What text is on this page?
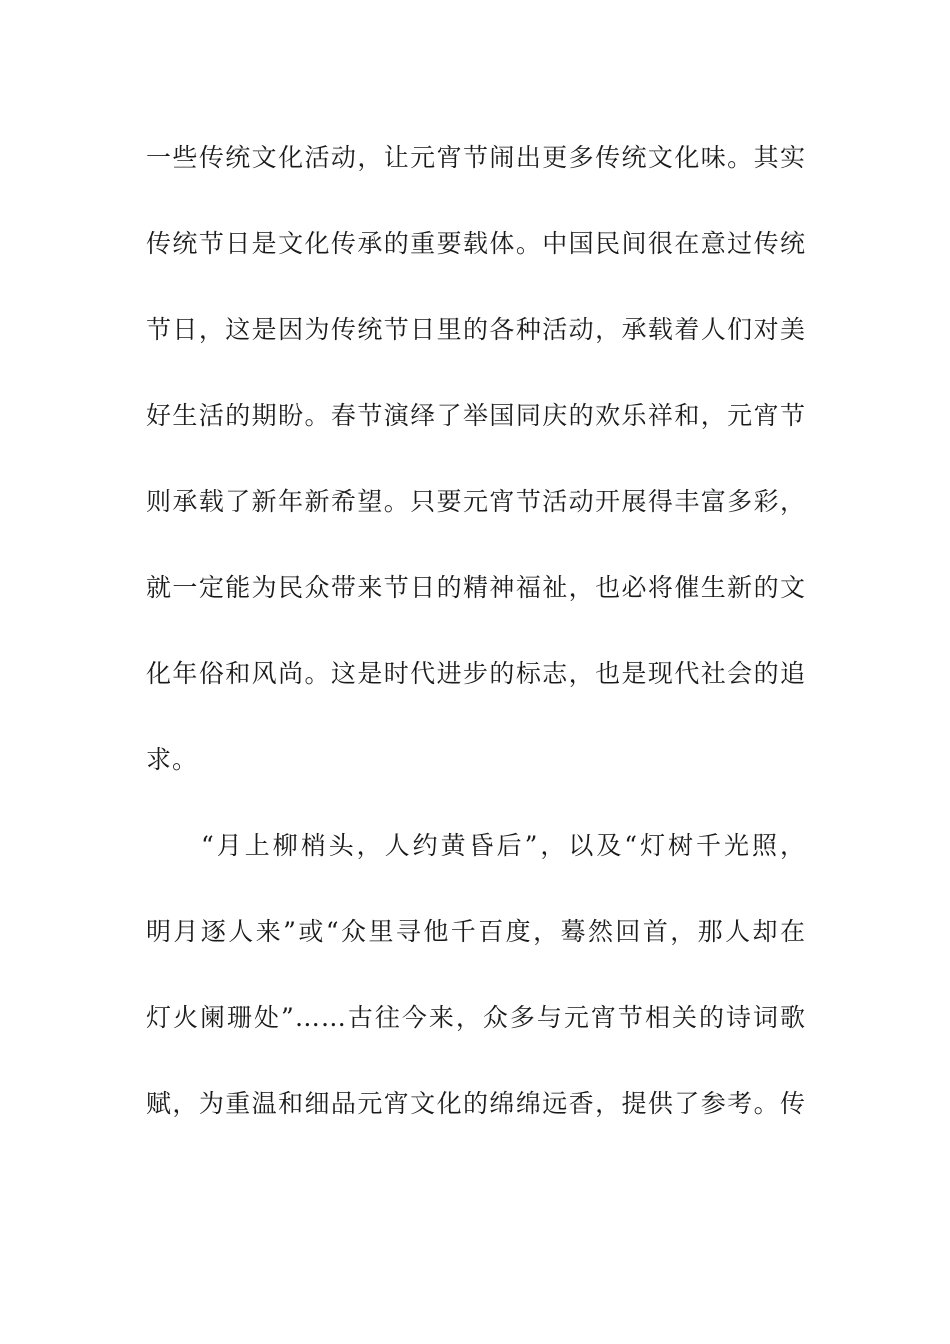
一些传统文化活动，让元宵节闹出更多传统文化味。其实
传统节日是文化传承的重要载体。中国民间很在意过传统
节日，这是因为传统节日里的各种活动，承载着人们对美
好生活的期盼。春节演绎了举国同庆的欢乐祥和，元宵节
则承载了新年新希望。只要元宵节活动开展得丰富多彩，
就一定能为民众带来节日的精神福祉，也必将催生新的文
化年俗和风尚。这是时代进步的标志，也是现代社会的追
求。
“月上柳梢头，人约黄昏后”，以及“灯树千光照，
明月逐人来”或“众里寻他千百度，蓦然回首，那人却在
灯火阑珊处”……古往今来，众多与元宵节相关的诗词歌
赋，为重温和细品元宵文化的绵绵远香，提供了参考。传
